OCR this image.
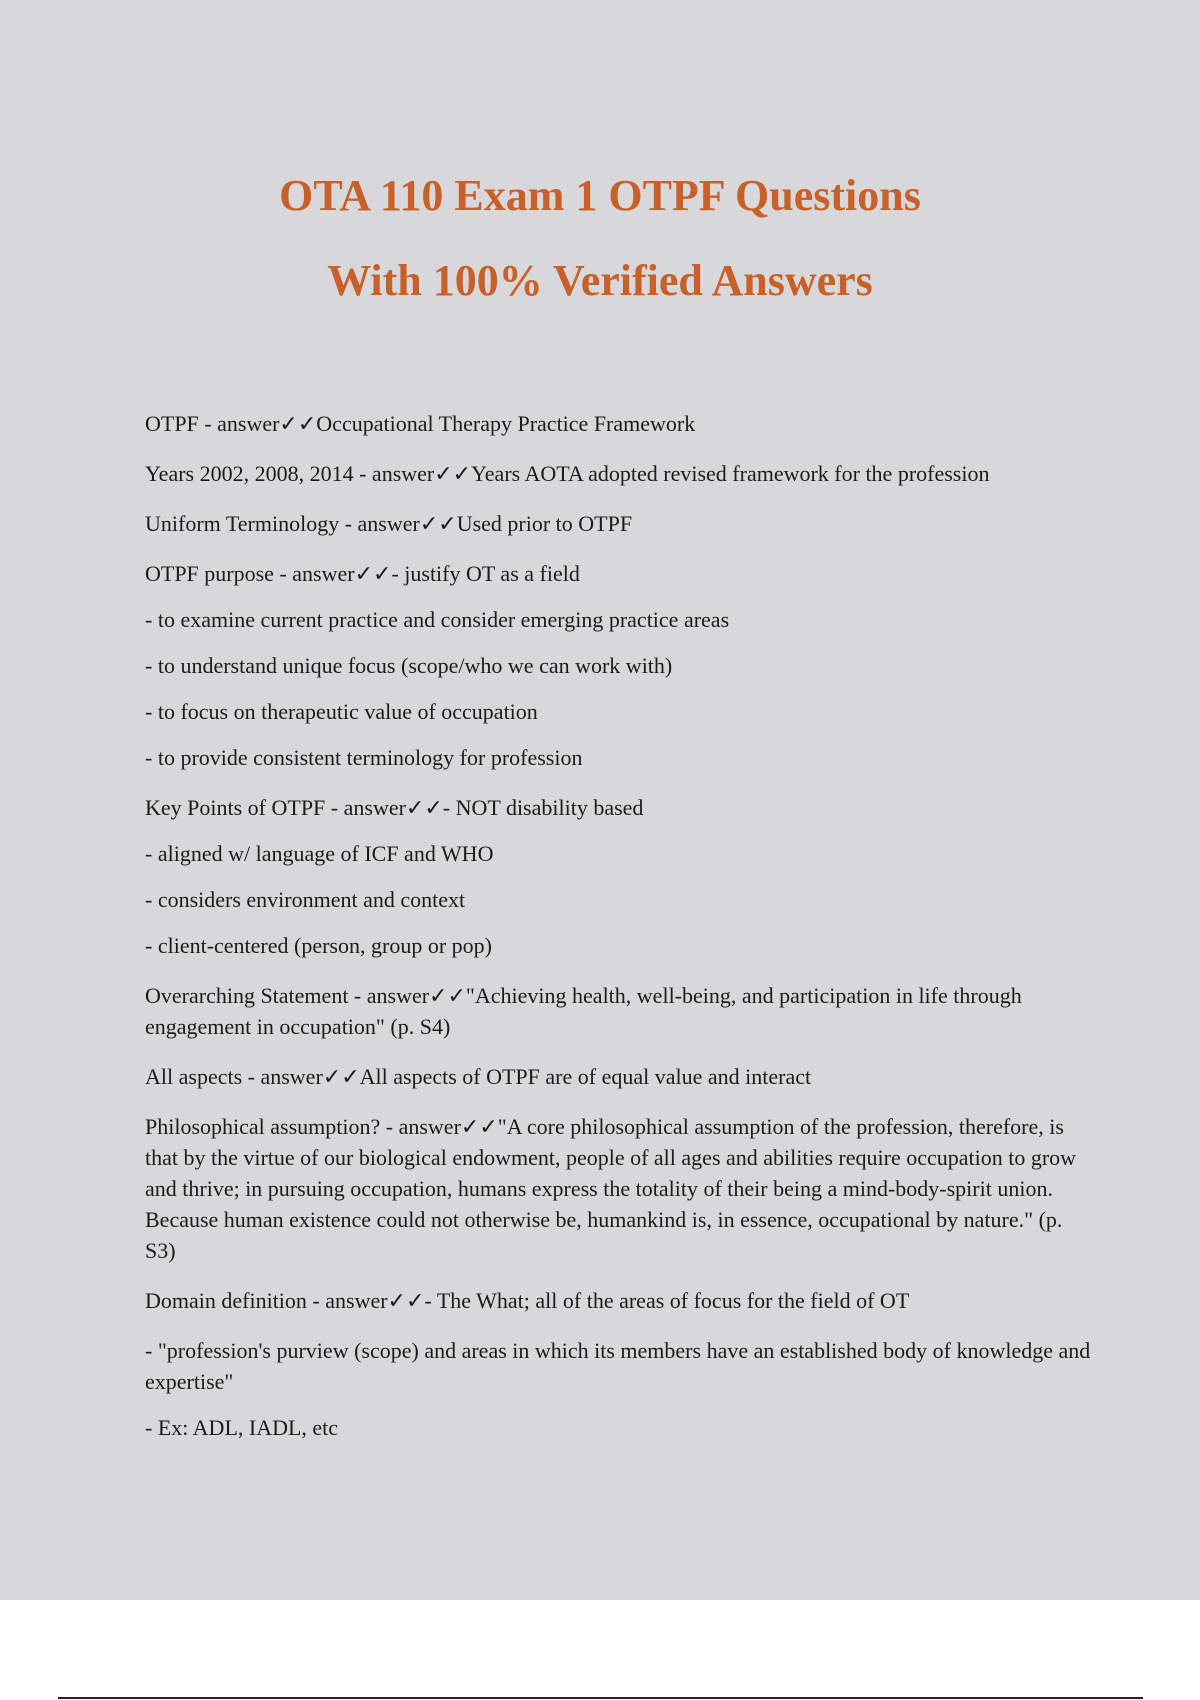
OTA 110 Exam 1 OTPF Questions
With 100% Verified Answers

OTPF - answer✓✓Occupational Therapy Practice Framework

Years 2002, 2008, 2014 - answer✓✓Years AOTA adopted revised framework for the profession

Uniform Terminology - answer✓✓Used prior to OTPF

OTPF purpose - answer✓✓- justify OT as a field

- to examine current practice and consider emerging practice areas

- to understand unique focus (scope/who we can work with)

- to focus on therapeutic value of occupation

- to provide consistent terminology for profession

Key Points of OTPF - answer✓✓- NOT disability based

- aligned w/ language of ICF and WHO

- considers environment and context

- client-centered (person, group or pop)

Overarching Statement - answer✓✓"Achieving health, well-being, and participation in life through engagement in occupation" (p. S4)

All aspects - answer✓✓All aspects of OTPF are of equal value and interact

Philosophical assumption? - answer✓✓"A core philosophical assumption of the profession, therefore, is that by the virtue of our biological endowment, people of all ages and abilities require occupation to grow and thrive; in pursuing occupation, humans express the totality of their being a mind-body-spirit union. Because human existence could not otherwise be, humankind is, in essence, occupational by nature." (p. S3)

Domain definition - answer✓✓- The What; all of the areas of focus for the field of OT

- "profession's purview (scope) and areas in which its members have an established body of knowledge and expertise"

- Ex: ADL, IADL, etc
